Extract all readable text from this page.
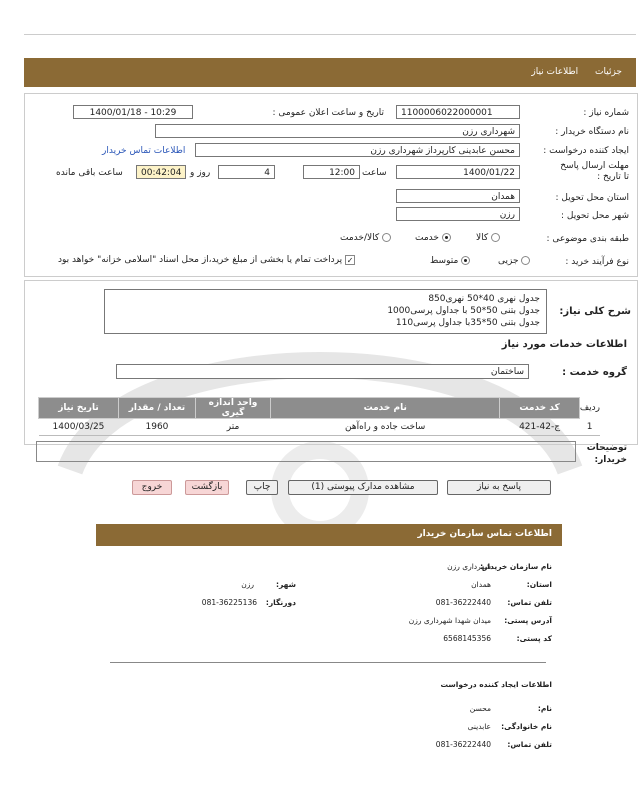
جزئیات اطلاعات نیاز
شماره نیاز :
1100006022000001
تاریخ و ساعت اعلان عمومی :
1400/01/18 - 10:29
نام دستگاه خریدار :
شهرداری رزن
ایجاد کننده درخواست :
محسن عابدینی کارپرداز شهرداری رزن
اطلاعات تماس خریدار
مهلت ارسال پاسخ تا تاریخ :
1400/01/22
ساعت
12:00
روز و	4
00:42:04
ساعت باقی مانده
استان محل تحویل :
همدان
شهر محل تحویل :
رزن
طبقه بندی موضوعی :
کالا
خدمت
کالا/خدمت
نوع فرآیند خرید :
جزیی
متوسط
✓ پرداخت تمام یا بخشی از مبلغ خرید،از محل اسناد "اسلامی خزانه" خواهد بود
شرح کلی نیاز:
جدول نهری 40*50 نهری850
جدول بتنی 50*50 با جداول پرسی1000
جدول بتنی 50*35با جداول پرسی110
اطلاعات خدمات مورد نیاز
گروه خدمت :
ساختمان
ردیف	کد خدمت	نام خدمت	واحد اندازه گیری	تعداد / مقدار	تاریخ نیاز
1	ج-42-421	ساخت جاده و راه‌آهن	متر	1960	1400/03/25
توضیحات خریدار:
پاسخ به نیاز
مشاهده مدارک پیوستی (1)
چاپ
بازگشت
خروج
اطلاعات تماس سازمان خریدار
نام سازمان خریدار:
شهرداری رزن
استان:
همدان
شهر:
رزن
تلفن تماس:
081-36222440
دورنگار:
081-36225136
آدرس پستی:
میدان شهدا شهرداری رزن
کد پستی:
6568145356
اطلاعات ایجاد کننده درخواست
نام:
محسن
نام خانوادگی:
عابدینی
تلفن تماس:
081-36222440
